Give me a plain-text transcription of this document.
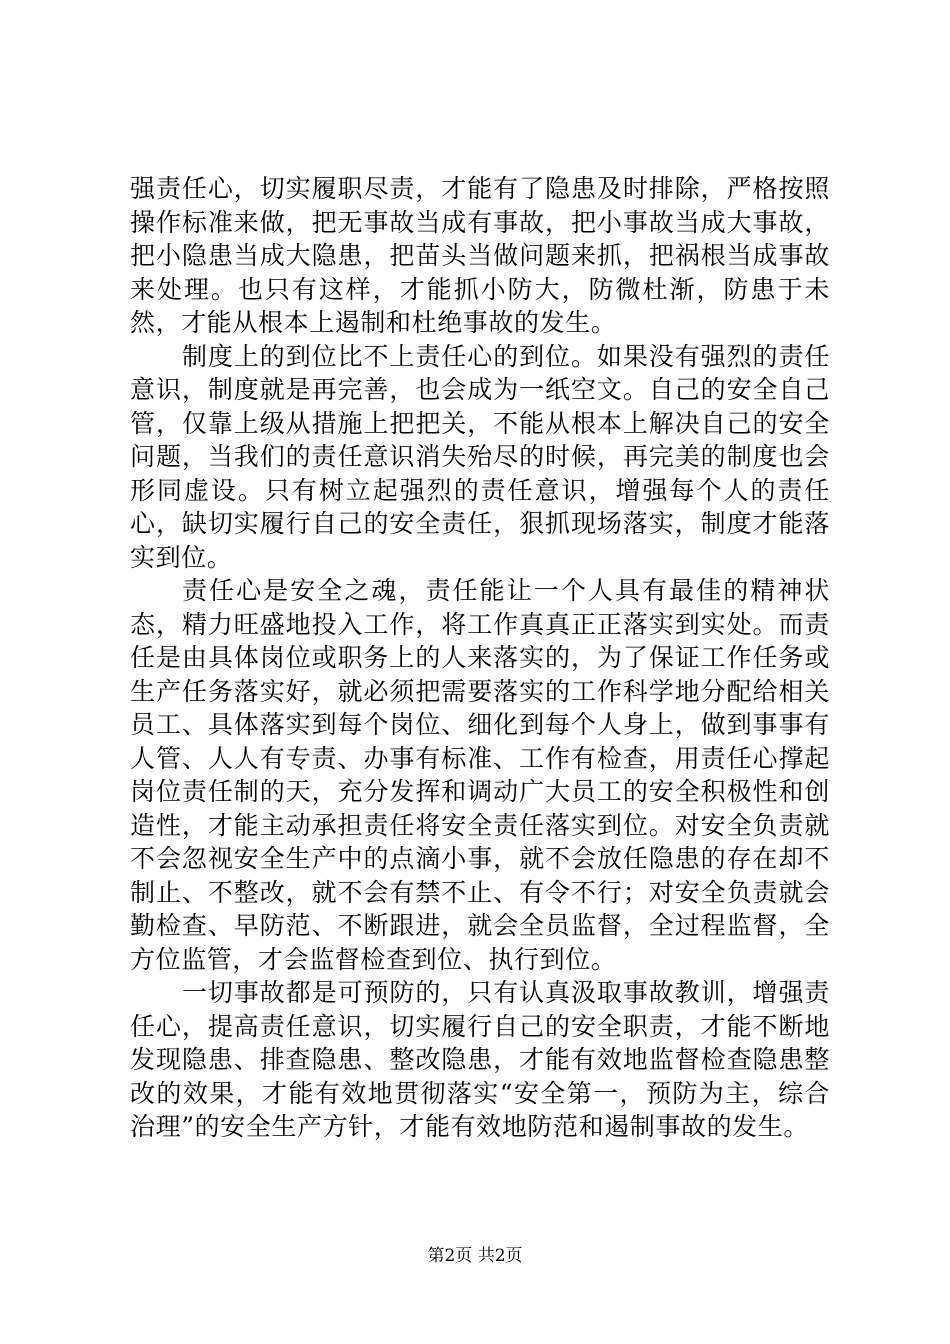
强责任心，切实履职尽责，才能有了隐患及时排除，严格按照操作标准来做，把无事故当成有事故，把小事故当成大事故，把小隐患当成大隐患，把苗头当做问题来抓，把祸根当成事故来处理。也只有这样，才能抓小防大，防微杜渐，防患于未然，才能从根本上遏制和杜绝事故的发生。

制度上的到位比不上责任心的到位。如果没有强烈的责任意识，制度就是再完善，也会成为一纸空文。自己的安全自己管，仅靠上级从措施上把把关，不能从根本上解决自己的安全问题，当我们的责任意识消失殆尽的时候，再完美的制度也会形同虚设。只有树立起强烈的责任意识，增强每个人的责任心，缺切实履行自己的安全责任，狠抓现场落实，制度才能落实到位。

责任心是安全之魂，责任能让一个人具有最佳的精神状态，精力旺盛地投入工作，将工作真真正正落实到实处。而责任是由具体岗位或职务上的人来落实的，为了保证工作任务或生产任务落实好，就必须把需要落实的工作科学地分配给相关员工、具体落实到每个岗位、细化到每个人身上，做到事事有人管、人人有专责、办事有标准、工作有检查，用责任心撑起岗位责任制的天，充分发挥和调动广大员工的安全积极性和创造性，才能主动承担责任将安全责任落实到位。对安全负责就不会忽视安全生产中的点滴小事，就不会放任隐患的存在却不制止、不整改，就不会有禁不止、有令不行；对安全负责就会勤检查、早防范、不断跟进，就会全员监督，全过程监督，全方位监管，才会监督检查到位、执行到位。

一切事故都是可预防的，只有认真汲取事故教训，增强责任心，提高责任意识，切实履行自己的安全职责，才能不断地发现隐患、排查隐患、整改隐患，才能有效地监督检查隐患整改的效果，才能有效地贯彻落实“安全第一，预防为主，综合治理”的安全生产方针，才能有效地防范和遏制事故的发生。

第2页 共2页
